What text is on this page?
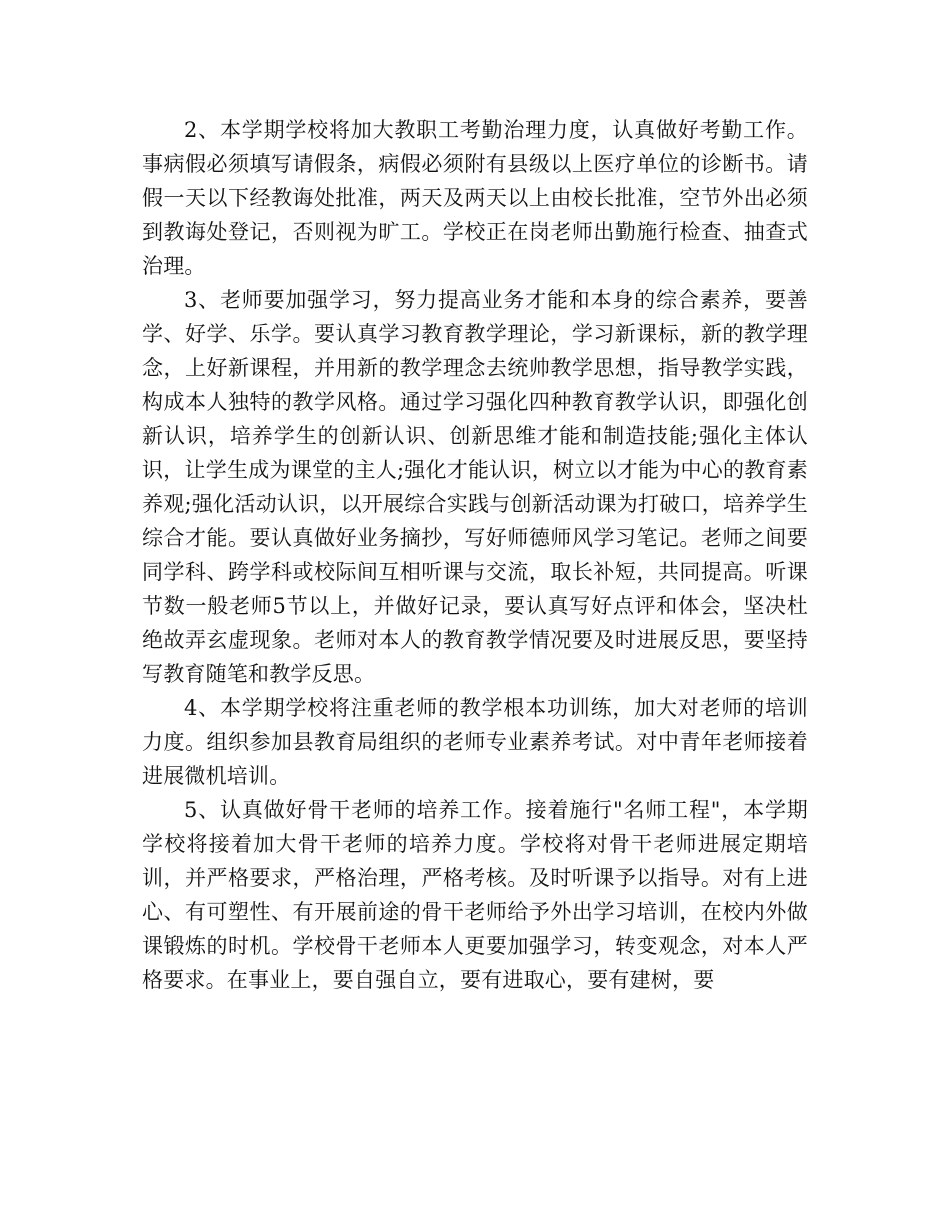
2、本学期学校将加大教职工考勤治理力度，认真做好考勤工作。事病假必须填写请假条，病假必须附有县级以上医疗单位的诊断书。请假一天以下经教诲处批准，两天及两天以上由校长批准，空节外出必须到教诲处登记，否则视为旷工。学校正在岗老师出勤施行检查、抽查式治理。

3、老师要加强学习，努力提高业务才能和本身的综合素养，要善学、好学、乐学。要认真学习教育教学理论，学习新课标，新的教学理念，上好新课程，并用新的教学理念去统帅教学思想，指导教学实践，构成本人独特的教学风格。通过学习强化四种教育教学认识，即强化创新认识，培养学生的创新认识、创新思维才能和制造技能;强化主体认识，让学生成为课堂的主人;强化才能认识，树立以才能为中心的教育素养观;强化活动认识，以开展综合实践与创新活动课为打破口，培养学生综合才能。要认真做好业务摘抄，写好师德师风学习笔记。老师之间要同学科、跨学科或校际间互相听课与交流，取长补短，共同提高。听课节数一般老师5节以上，并做好记录，要认真写好点评和体会，坚决杜绝故弄玄虚现象。老师对本人的教育教学情况要及时进展反思，要坚持写教育随笔和教学反思。

4、本学期学校将注重老师的教学根本功训练，加大对老师的培训力度。组织参加县教育局组织的老师专业素养考试。对中青年老师接着进展微机培训。

5、认真做好骨干老师的培养工作。接着施行"名师工程"，本学期学校将接着加大骨干老师的培养力度。学校将对骨干老师进展定期培训，并严格要求，严格治理，严格考核。及时听课予以指导。对有上进心、有可塑性、有开展前途的骨干老师给予外出学习培训，在校内外做课锻炼的时机。学校骨干老师本人更要加强学习，转变观念，对本人严格要求。在事业上，要自强自立，要有进取心，要有建树，要
